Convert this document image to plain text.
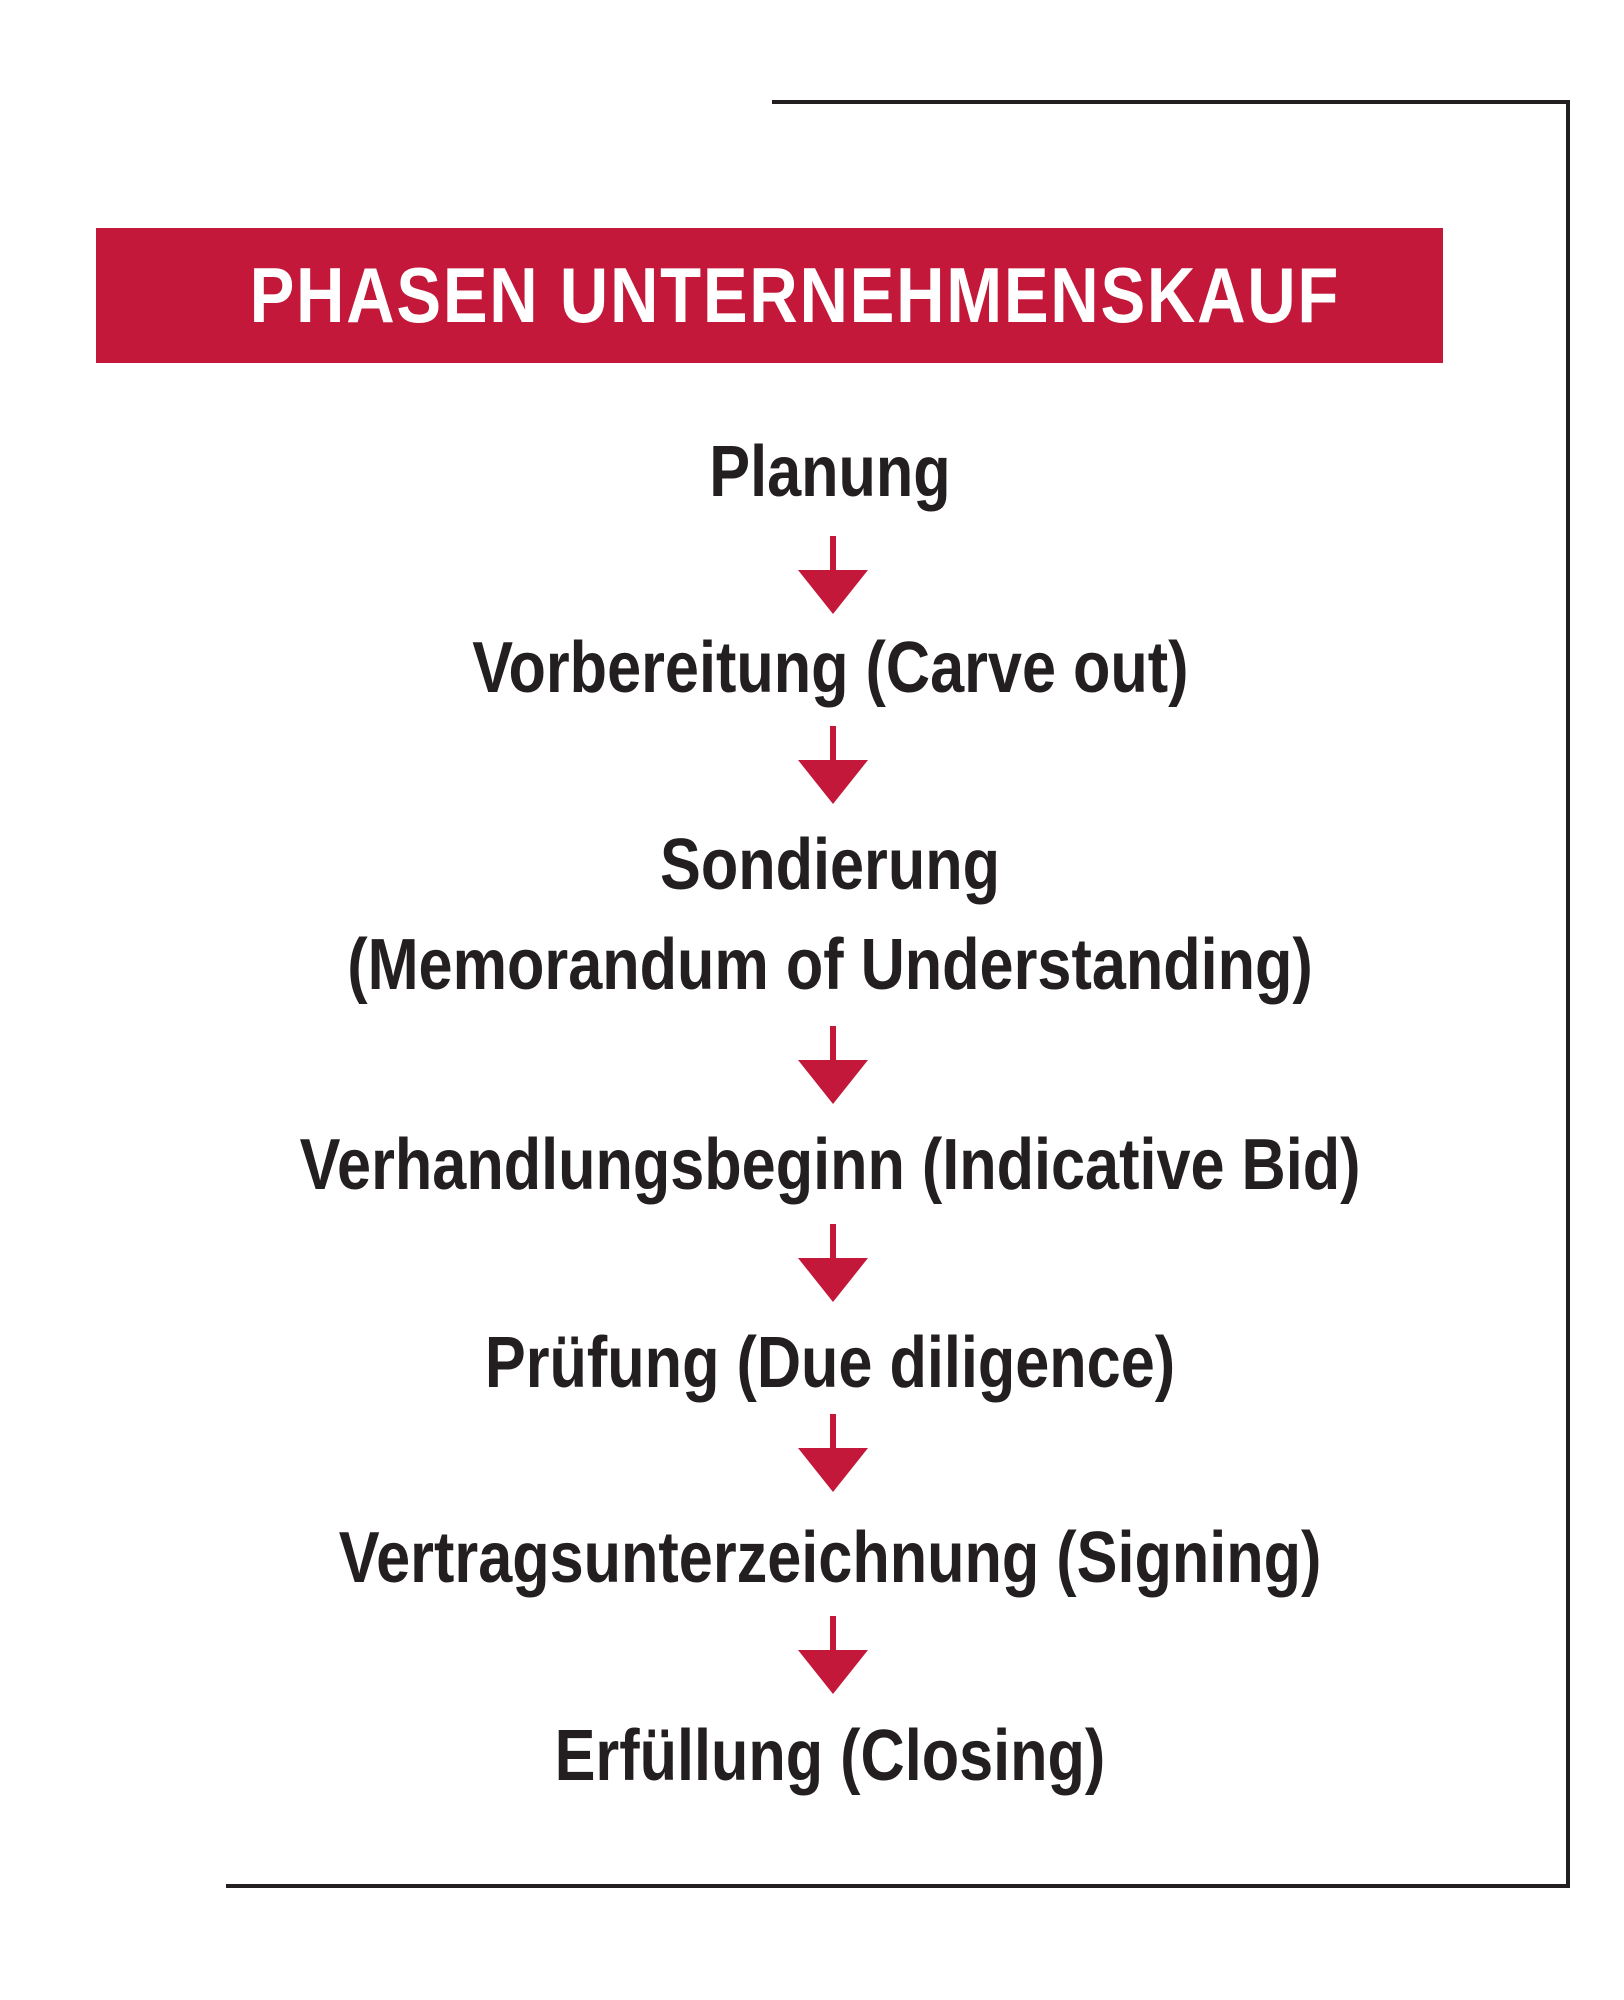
PHASEN UNTERNEHMENSKAUF
Planung
Vorbereitung (Carve out)
Sondierung
(Memorandum of Understanding)
Verhandlungsbeginn (Indicative Bid)
Prüfung (Due diligence)
Vertragsunterzeichnung (Signing)
Erfüllung (Closing)
